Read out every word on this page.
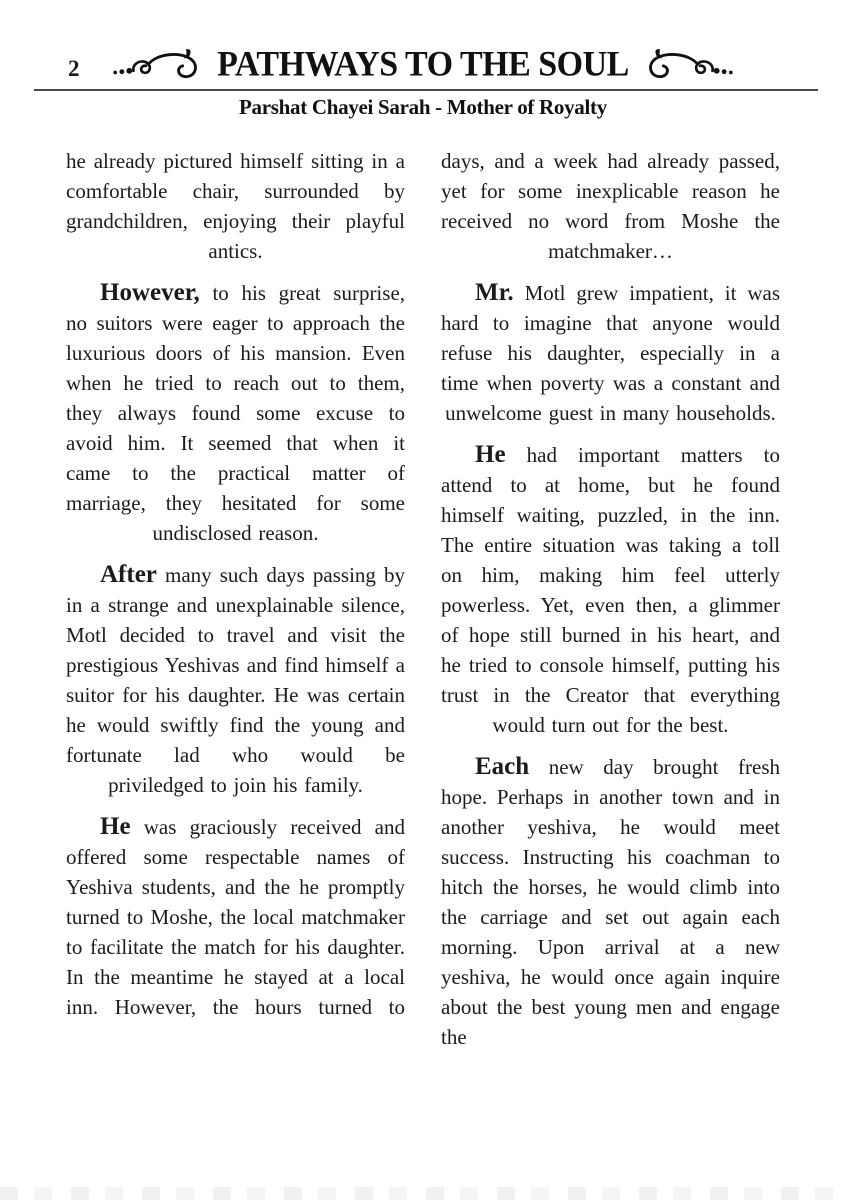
2	PATHWAYS TO THE SOUL
Parshat Chayei Sarah - Mother of Royalty

he already pictured himself sitting in a comfortable chair, surrounded by grandchildren, enjoying their playful antics.

However, to his great surprise, no suitors were eager to approach the luxurious doors of his mansion. Even when he tried to reach out to them, they always found some excuse to avoid him. It seemed that when it came to the practical matter of marriage, they hesitated for some undisclosed reason.

After many such days passing by in a strange and unexplainable silence, Motl decided to travel and visit the prestigious Yeshivas and find himself a suitor for his daughter. He was certain he would swiftly find the young and fortunate lad who would be priviledged to join his family.

He was graciously received and offered some respectable names of Yeshiva students, and the he promptly turned to Moshe, the local matchmaker to facilitate the match for his daughter. In the meantime he stayed at a local inn. However, the hours turned to

days, and a week had already passed, yet for some inexplicable reason he received no word from Moshe the matchmaker…

Mr. Motl grew impatient, it was hard to imagine that anyone would refuse his daughter, especially in a time when poverty was a constant and unwelcome guest in many households.

He had important matters to attend to at home, but he found himself waiting, puzzled, in the inn. The entire situation was taking a toll on him, making him feel utterly powerless. Yet, even then, a glimmer of hope still burned in his heart, and he tried to console himself, putting his trust in the Creator that everything would turn out for the best.

Each new day brought fresh hope. Perhaps in another town and in another yeshiva, he would meet success. Instructing his coachman to hitch the horses, he would climb into the carriage and set out again each morning. Upon arrival at a new yeshiva, he would once again inquire about the best young men and engage the
